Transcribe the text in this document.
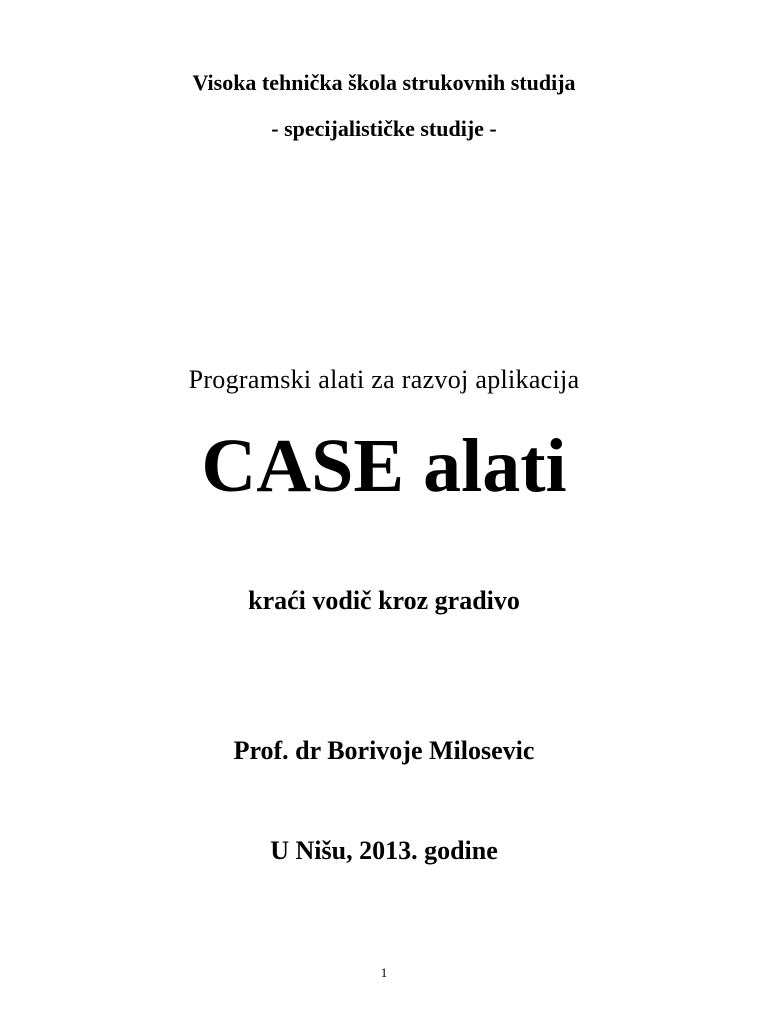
Visoka tehnička škola strukovnih studija

- specijalističke studije -

Programski alati za razvoj aplikacija

CASE alati

kraći vodič kroz gradivo

Prof. dr Borivoje Milosevic

U Nišu, 2013. godine

1
